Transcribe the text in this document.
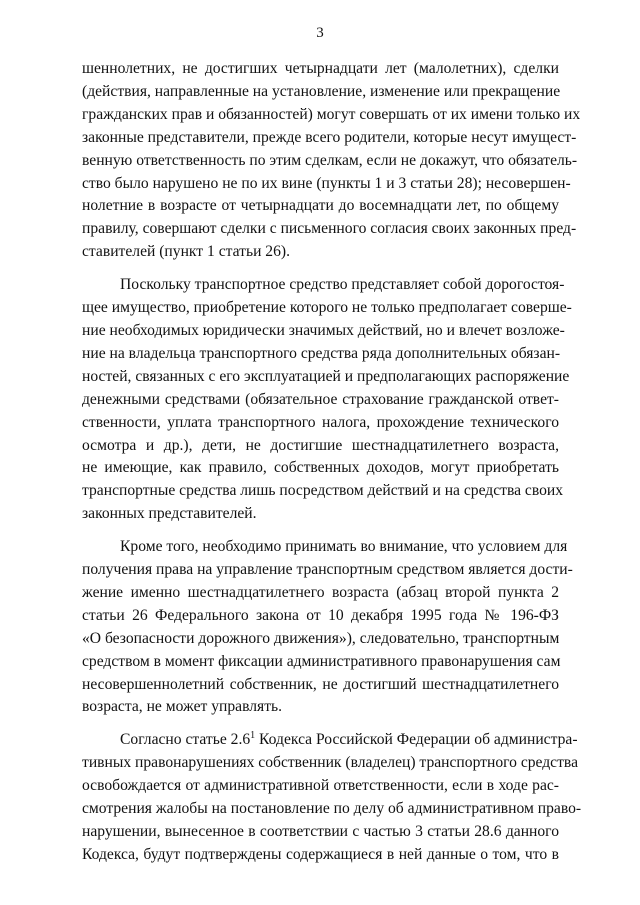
3

шеннолетних, не достигших четырнадцати лет (малолетних), сделки
(действия, направленные на установление, изменение или прекращение
гражданских прав и обязанностей) могут совершать от их имени только их
законные представители, прежде всего родители, которые несут имущест-
венную ответственность по этим сделкам, если не докажут, что обязатель-
ство было нарушено не по их вине (пункты 1 и 3 статьи 28); несовершен-
нолетние в возрасте от четырнадцати до восемнадцати лет, по общему
правилу, совершают сделки с письменного согласия своих законных пред-
ставителей (пункт 1 статьи 26).

Поскольку транспортное средство представляет собой дорогостоя-
щее имущество, приобретение которого не только предполагает соверше-
ние необходимых юридически значимых действий, но и влечет возложе-
ние на владельца транспортного средства ряда дополнительных обязан-
ностей, связанных с его эксплуатацией и предполагающих распоряжение
денежными средствами (обязательное страхование гражданской ответ-
ственности, уплата транспортного налога, прохождение технического
осмотра и др.), дети, не достигшие шестнадцатилетнего возраста,
не имеющие, как правило, собственных доходов, могут приобретать
транспортные средства лишь посредством действий и на средства своих
законных представителей.

Кроме того, необходимо принимать во внимание, что условием для
получения права на управление транспортным средством является дости-
жение именно шестнадцатилетнего возраста (абзац второй пункта 2
статьи 26 Федерального закона от 10 декабря 1995 года № 196-ФЗ
«О безопасности дорожного движения»), следовательно, транспортным
средством в момент фиксации административного правонарушения сам
несовершеннолетний собственник, не достигший шестнадцатилетнего
возраста, не может управлять.

Согласно статье $2.6^1$ Кодекса Российской Федерации об администра-
тивных правонарушениях собственник (владелец) транспортного средства
освобождается от административной ответственности, если в ходе рас-
смотрения жалобы на постановление по делу об административном право-
нарушении, вынесенное в соответствии с частью 3 статьи 28.6 данного
Кодекса, будут подтверждены содержащиеся в ней данные о том, что в
